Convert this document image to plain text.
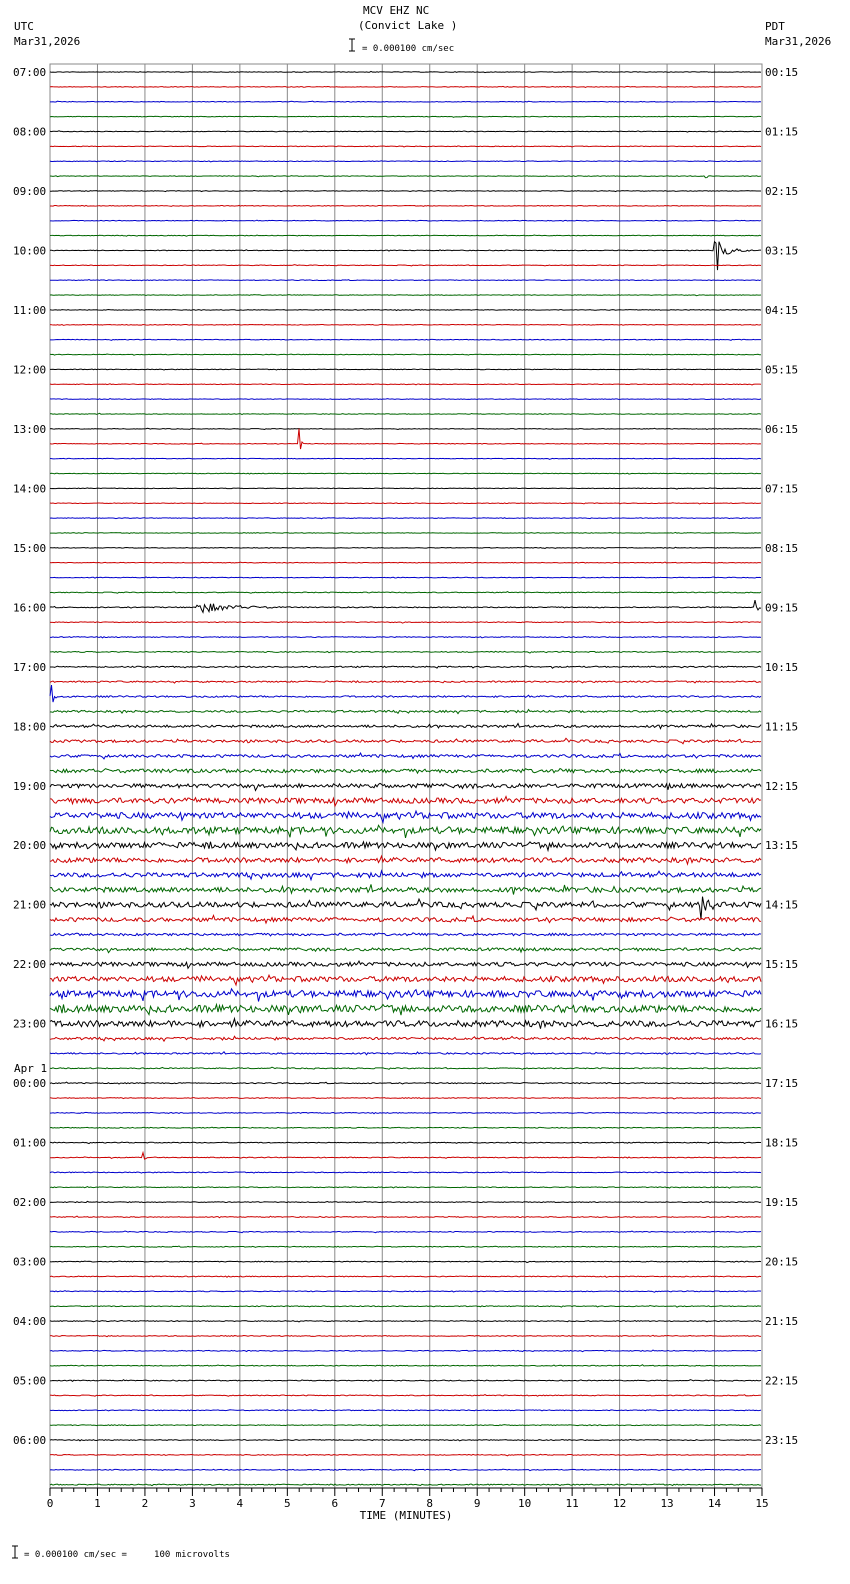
MCV EHZ NC
(Convict Lake )
= 0.000100 cm/sec
UTC
Mar31,2026
PDT
Mar31,2026
= 0.000100 cm/sec =     100 microvolts
0	1	2	3	4	5	6	7	8	9	10	11	12	13	14	15
TIME (MINUTES)
07:00
08:00
09:00
10:00
11:00
12:00
13:00
14:00
15:00
16:00
17:00
18:00
19:00
20:00
21:00
22:00
23:00
Apr 1
00:00
01:00
02:00
03:00
04:00
05:00
06:00
00:15
01:15
02:15
03:15
04:15
05:15
06:15
07:15
08:15
09:15
10:15
11:15
12:15
13:15
14:15
15:15
16:15
17:15
18:15
19:15
20:15
21:15
22:15
23:15
